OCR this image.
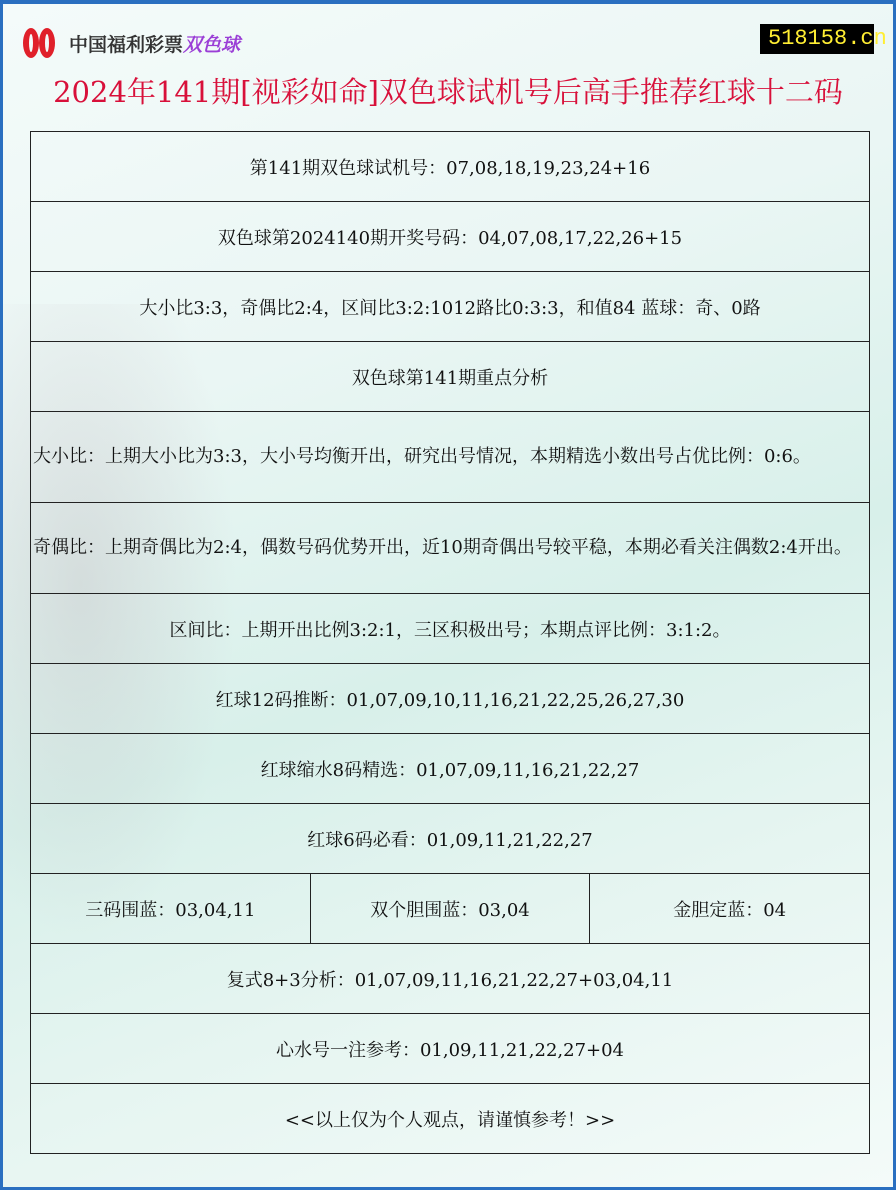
中国福利彩票双色球	518158.cn
2024年141期[视彩如命]双色球试机号后高手推荐红球十二码
第141期双色球试机号：07,08,18,19,23,24+16
双色球第2024140期开奖号码：04,07,08,17,22,26+15
大小比3:3，奇偶比2:4，区间比3:2:1012路比0:3:3，和值84 蓝球：奇、0路
双色球第141期重点分析
大小比：上期大小比为3:3，大小号均衡开出，研究出号情况，本期精选小数出号占优比例：0:6。
奇偶比：上期奇偶比为2:4，偶数号码优势开出，近10期奇偶出号较平稳，本期必看关注偶数2:4开出。
区间比：上期开出比例3:2:1，三区积极出号；本期点评比例：3:1:2。
红球12码推断：01,07,09,10,11,16,21,22,25,26,27,30
红球缩水8码精选：01,07,09,11,16,21,22,27
红球6码必看：01,09,11,21,22,27
三码围蓝：03,04,11	双个胆围蓝：03,04	金胆定蓝：04
复式8+3分析：01,07,09,11,16,21,22,27+03,04,11
心水号一注参考：01,09,11,21,22,27+04
<<以上仅为个人观点，请谨慎参考！>>
